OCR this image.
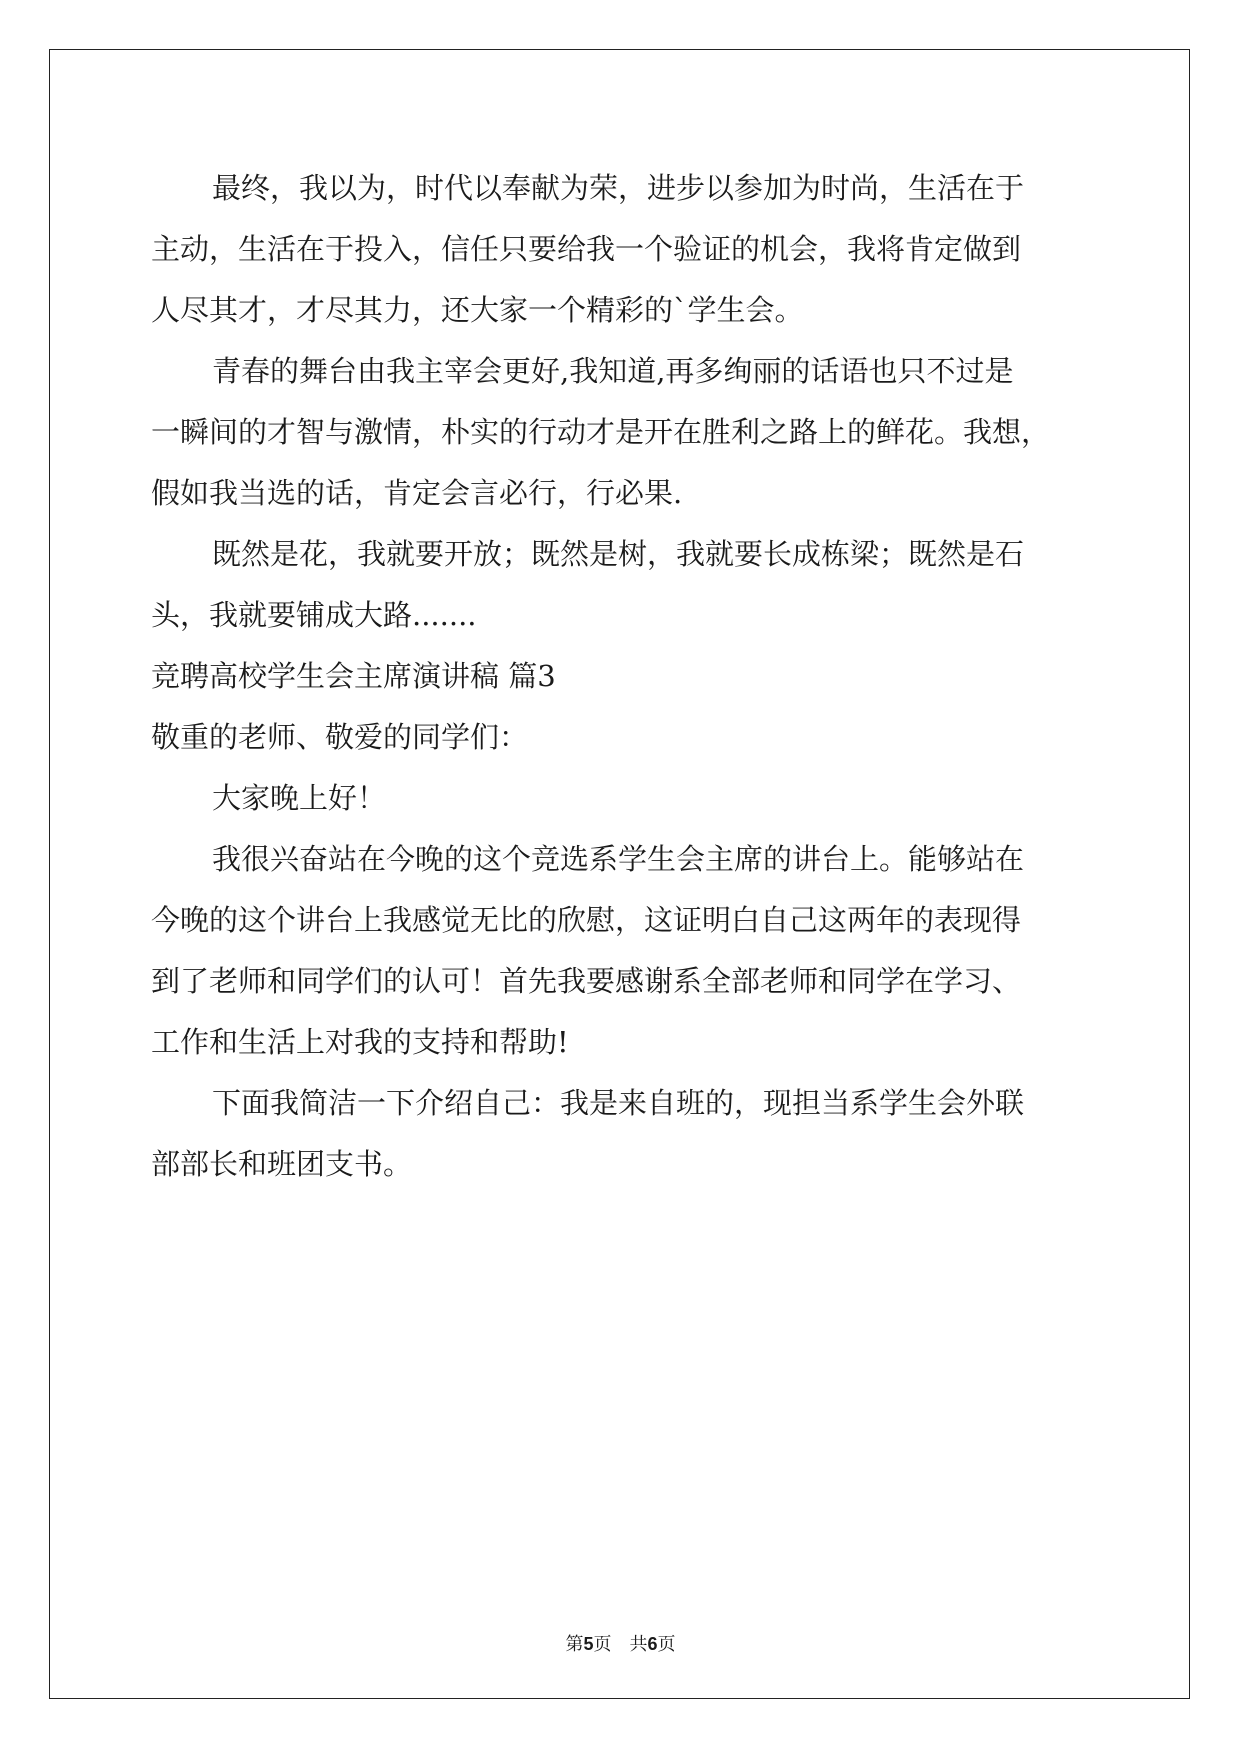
最终，我以为，时代以奉献为荣，进步以参加为时尚，生活在于
主动，生活在于投入，信任只要给我一个验证的机会，我将肯定做到
人尽其才，才尽其力，还大家一个精彩的`学生会。
青春的舞台由我主宰会更好,我知道,再多绚丽的话语也只不过是
一瞬间的才智与激情，朴实的行动才是开在胜利之路上的鲜花。我想，
假如我当选的话，肯定会言必行，行必果.
既然是花，我就要开放；既然是树，我就要长成栋梁；既然是石
头，我就要铺成大路.......
竞聘高校学生会主席演讲稿 篇3
敬重的老师、敬爱的同学们：
大家晚上好！
我很兴奋站在今晚的这个竞选系学生会主席的讲台上。能够站在
今晚的这个讲台上我感觉无比的欣慰，这证明白自己这两年的表现得
到了老师和同学们的认可！首先我要感谢系全部老师和同学在学习、
工作和生活上对我的支持和帮助!
下面我简洁一下介绍自己：我是来自班的，现担当系学生会外联
部部长和班团支书。
第5页 共6页
